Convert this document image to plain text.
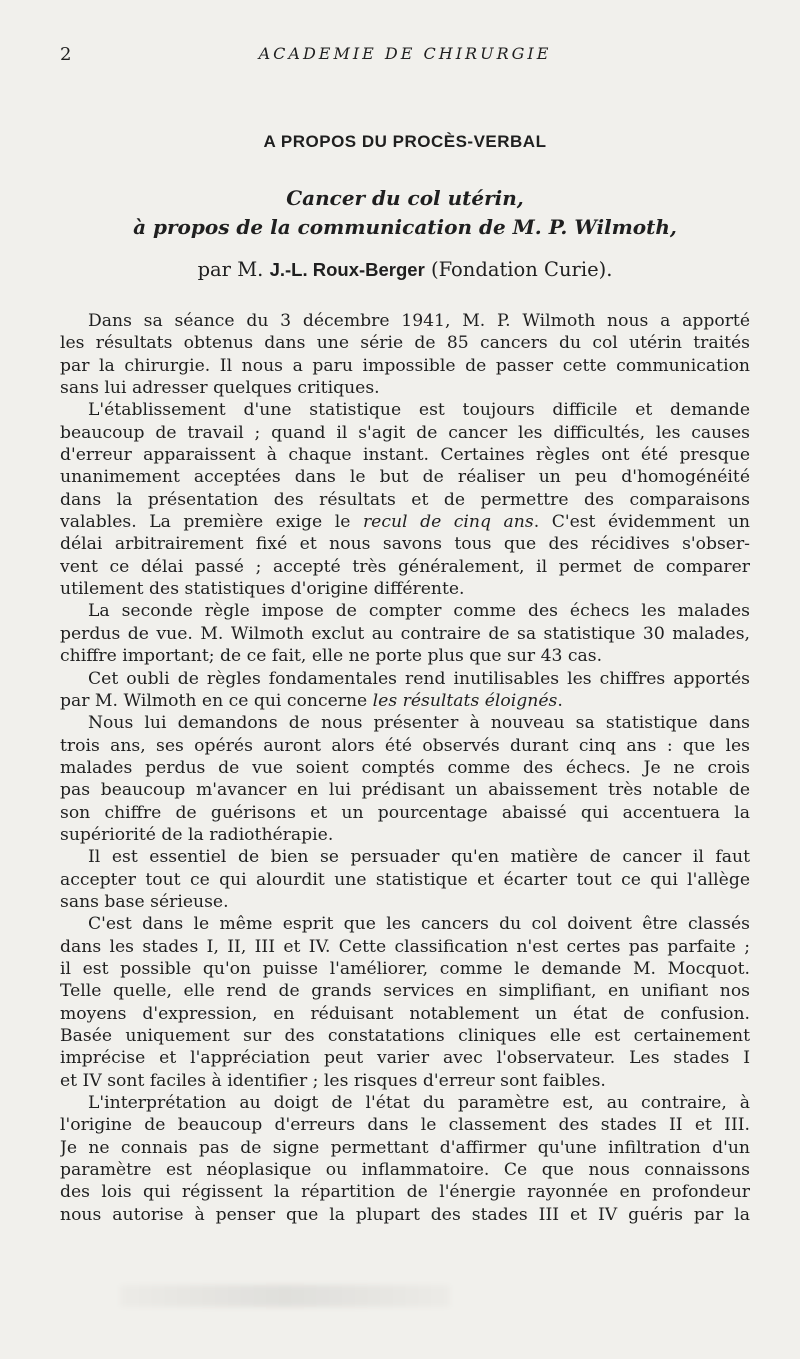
2	ACADEMIE DE CHIRURGIE
A PROPOS DU PROCÈS-VERBAL
Cancer du col utérin,
à propos de la communication de M. P. Wilmoth,
par M. J.-L. Roux-Berger (Fondation Curie).
Dans sa séance du 3 décembre 1941, M. P. Wilmoth nous a apporté
les résultats obtenus dans une série de 85 cancers du col utérin traités
par la chirurgie. Il nous a paru impossible de passer cette communication
sans lui adresser quelques critiques.
L'établissement d'une statistique est toujours difficile et demande
beaucoup de travail ; quand il s'agit de cancer les difficultés, les causes
d'erreur apparaissent à chaque instant. Certaines règles ont été presque
unanimement acceptées dans le but de réaliser un peu d'homogénéité
dans la présentation des résultats et de permettre des comparaisons
valables. La première exige le recul de cinq ans. C'est évidemment un
délai arbitrairement fixé et nous savons tous que des récidives s'obser-
vent ce délai passé ; accepté très généralement, il permet de comparer
utilement des statistiques d'origine différente.
La seconde règle impose de compter comme des échecs les malades
perdus de vue. M. Wilmoth exclut au contraire de sa statistique 30 malades,
chiffre important; de ce fait, elle ne porte plus que sur 43 cas.
Cet oubli de règles fondamentales rend inutilisables les chiffres apportés
par M. Wilmoth en ce qui concerne les résultats éloignés.
Nous lui demandons de nous présenter à nouveau sa statistique dans
trois ans, ses opérés auront alors été observés durant cinq ans : que les
malades perdus de vue soient comptés comme des échecs. Je ne crois
pas beaucoup m'avancer en lui prédisant un abaissement très notable de
son chiffre de guérisons et un pourcentage abaissé qui accentuera la
supériorité de la radiothérapie.
Il est essentiel de bien se persuader qu'en matière de cancer il faut
accepter tout ce qui alourdit une statistique et écarter tout ce qui l'allège
sans base sérieuse.
C'est dans le même esprit que les cancers du col doivent être classés
dans les stades I, II, III et IV. Cette classification n'est certes pas parfaite ;
il est possible qu'on puisse l'améliorer, comme le demande M. Mocquot.
Telle quelle, elle rend de grands services en simplifiant, en unifiant nos
moyens d'expression, en réduisant notablement un état de confusion.
Basée uniquement sur des constatations cliniques elle est certainement
imprécise et l'appréciation peut varier avec l'observateur. Les stades I
et IV sont faciles à identifier ; les risques d'erreur sont faibles.
L'interprétation au doigt de l'état du paramètre est, au contraire, à
l'origine de beaucoup d'erreurs dans le classement des stades II et III.
Je ne connais pas de signe permettant d'affirmer qu'une infiltration d'un
paramètre est néoplasique ou inflammatoire. Ce que nous connaissons
des lois qui régissent la répartition de l'énergie rayonnée en profondeur
nous autorise à penser que la plupart des stades III et IV guéris par la
